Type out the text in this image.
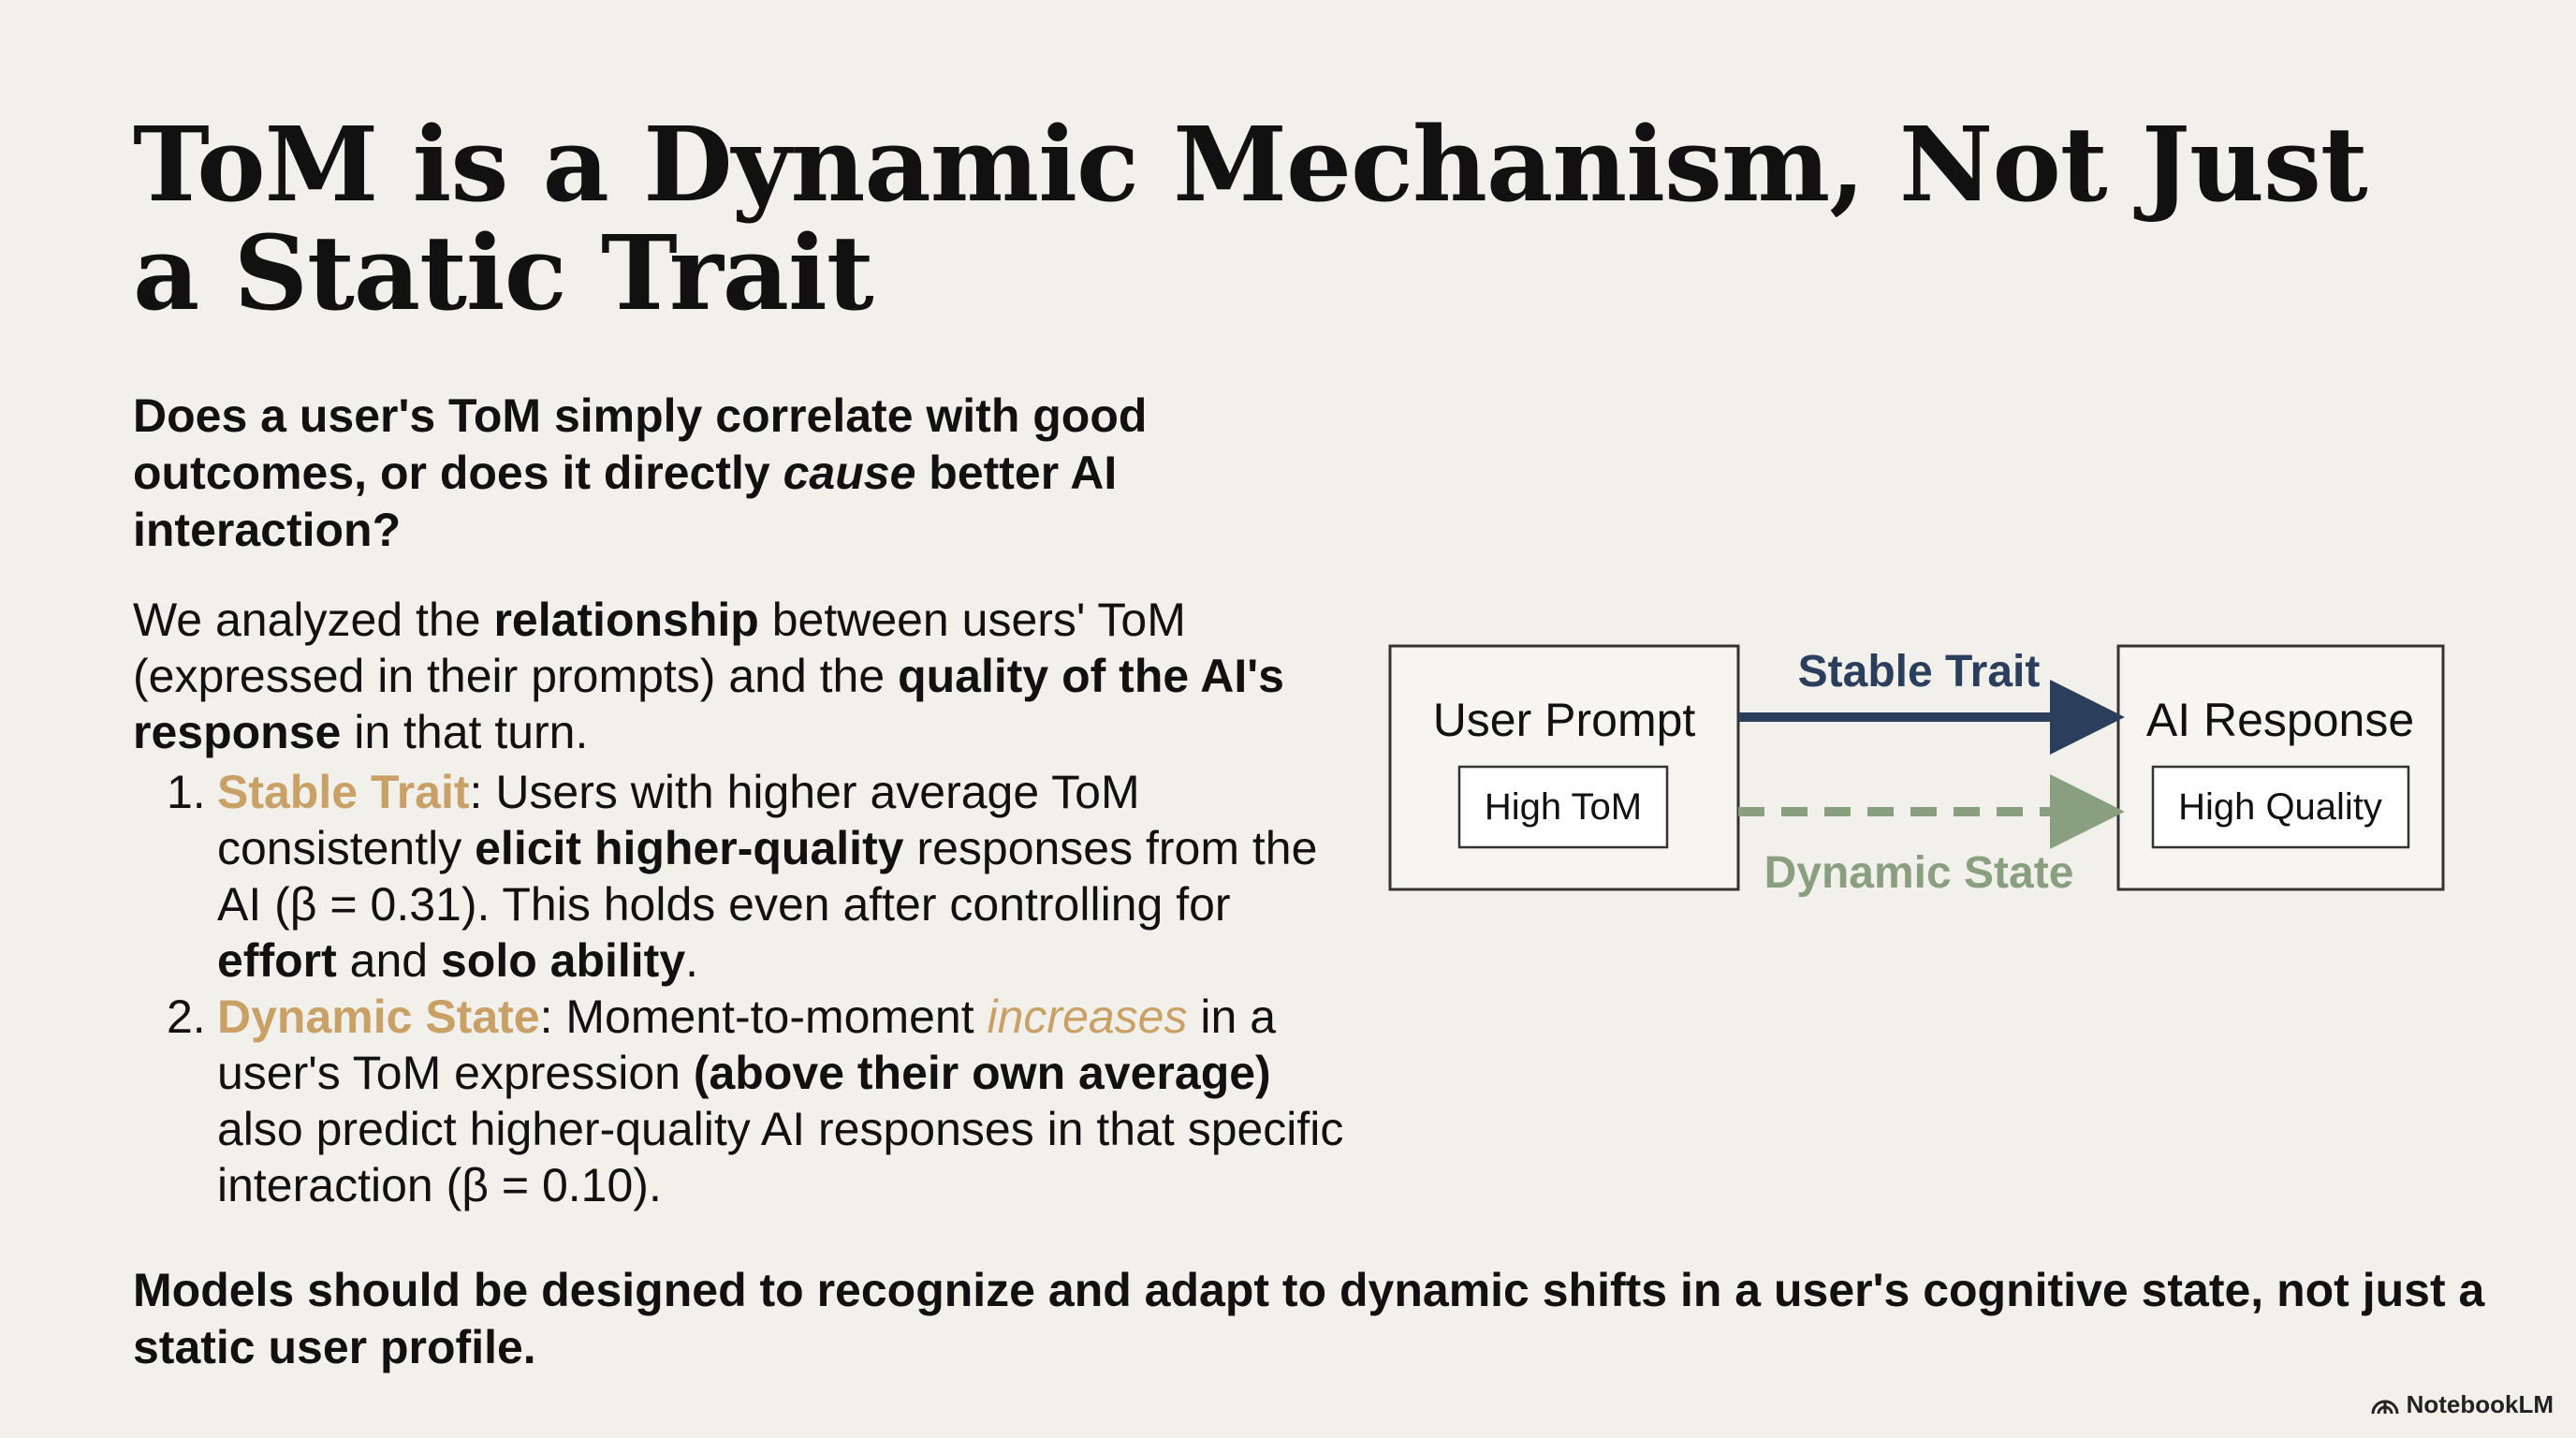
ToM is a Dynamic Mechanism, Not Just a Static Trait

Does a user's ToM simply correlate with good outcomes, or does it directly cause better AI interaction?

We analyzed the relationship between users' ToM (expressed in their prompts) and the quality of the AI's response in that turn.

1. Stable Trait: Users with higher average ToM consistently elicit higher-quality responses from the AI (β = 0.31). This holds even after controlling for effort and solo ability.
2. Dynamic State: Moment-to-moment increases in a user's ToM expression (above their own average) also predict higher-quality AI responses in that specific interaction (β = 0.10).
User Prompt
High ToM
AI Response
High Quality
Stable Trait
Dynamic State

Models should be designed to recognize and adapt to dynamic shifts in a user's cognitive state, not just a static user profile.

NotebookLM
